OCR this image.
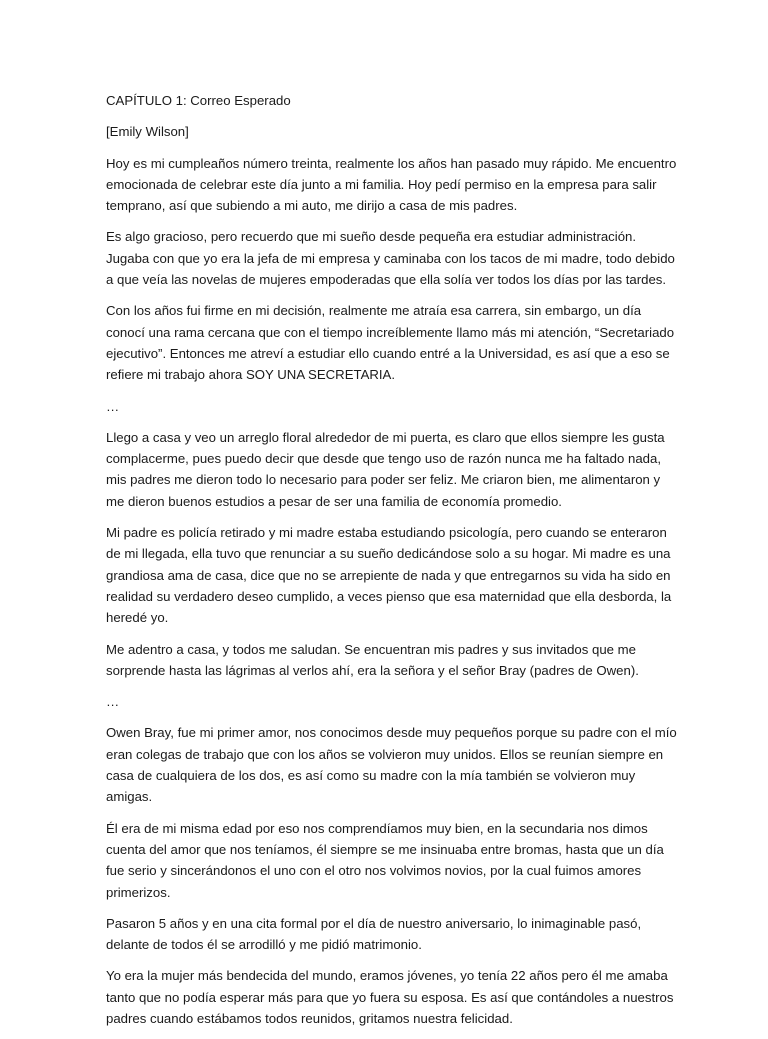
CAPÍTULO 1: Correo Esperado

[Emily Wilson]

Hoy es mi cumpleaños número treinta, realmente los años han pasado muy rápido. Me encuentro emocionada de celebrar este día junto a mi familia. Hoy pedí permiso en la empresa para salir temprano, así que subiendo a mi auto, me dirijo a casa de mis padres.

Es algo gracioso, pero recuerdo que mi sueño desde pequeña era estudiar administración. Jugaba con que yo era la jefa de mi empresa y caminaba con los tacos de mi madre, todo debido a que veía las novelas de mujeres empoderadas que ella solía ver todos los días por las tardes.

Con los años fui firme en mi decisión, realmente me atraía esa carrera, sin embargo, un día conocí una rama cercana que con el tiempo increíblemente llamo más mi atención, “Secretariado ejecutivo”. Entonces me atreví a estudiar ello cuando entré a la Universidad, es así que a eso se refiere mi trabajo ahora SOY UNA SECRETARIA.

…

Llego a casa y veo un arreglo floral alrededor de mi puerta, es claro que ellos siempre les gusta complacerme, pues puedo decir que desde que tengo uso de razón nunca me ha faltado nada, mis padres me dieron todo lo necesario para poder ser feliz. Me criaron bien, me alimentaron y me dieron buenos estudios a pesar de ser una familia de economía promedio.

Mi padre es policía retirado y mi madre estaba estudiando psicología, pero cuando se enteraron de mi llegada, ella tuvo que renunciar a su sueño dedicándose solo a su hogar. Mi madre es una grandiosa ama de casa, dice que no se arrepiente de nada y que entregarnos su vida ha sido en realidad su verdadero deseo cumplido, a veces pienso que esa maternidad que ella desborda, la heredé yo.

Me adentro a casa, y todos me saludan. Se encuentran mis padres y sus invitados que me sorprende hasta las lágrimas al verlos ahí, era la señora y el señor Bray (padres de Owen).

…

Owen Bray, fue mi primer amor, nos conocimos desde muy pequeños porque su padre con el mío eran colegas de trabajo que con los años se volvieron muy unidos. Ellos se reunían siempre en casa de cualquiera de los dos, es así como su madre con la mía también se volvieron muy amigas.

Él era de mi misma edad por eso nos comprendíamos muy bien, en la secundaria nos dimos cuenta del amor que nos teníamos, él siempre se me insinuaba entre bromas, hasta que un día fue serio y sincerándonos el uno con el otro nos volvimos novios, por la cual fuimos amores primerizos.

Pasaron 5 años y en una cita formal por el día de nuestro aniversario, lo inimaginable pasó, delante de todos él se arrodilló y me pidió matrimonio.

Yo era la mujer más bendecida del mundo, eramos jóvenes, yo tenía 22 años pero él me amaba tanto que no podía esperar más para que yo fuera su esposa. Es así que contándoles a nuestros padres cuando estábamos todos reunidos, gritamos nuestra felicidad.
